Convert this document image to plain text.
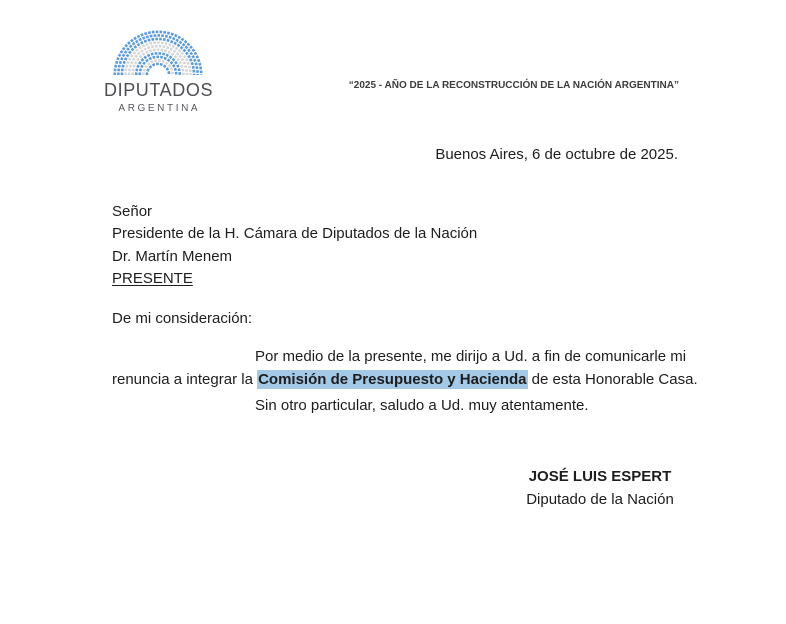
DIPUTADOS
ARGENTINA
“2025 - AÑO DE LA RECONSTRUCCIÓN DE LA NACIÓN ARGENTINA”
Buenos Aires, 6 de octubre de 2025.
Señor
Presidente de la H. Cámara de Diputados de la Nación
Dr. Martín Menem
PRESENTE
De mi consideración:
Por medio de la presente, me dirijo a Ud. a fin de comunicarle mi
renuncia a integrar la Comisión de Presupuesto y Hacienda de esta Honorable Casa.
Sin otro particular, saludo a Ud. muy atentamente.
JOSÉ LUIS ESPERT
Diputado de la Nación
